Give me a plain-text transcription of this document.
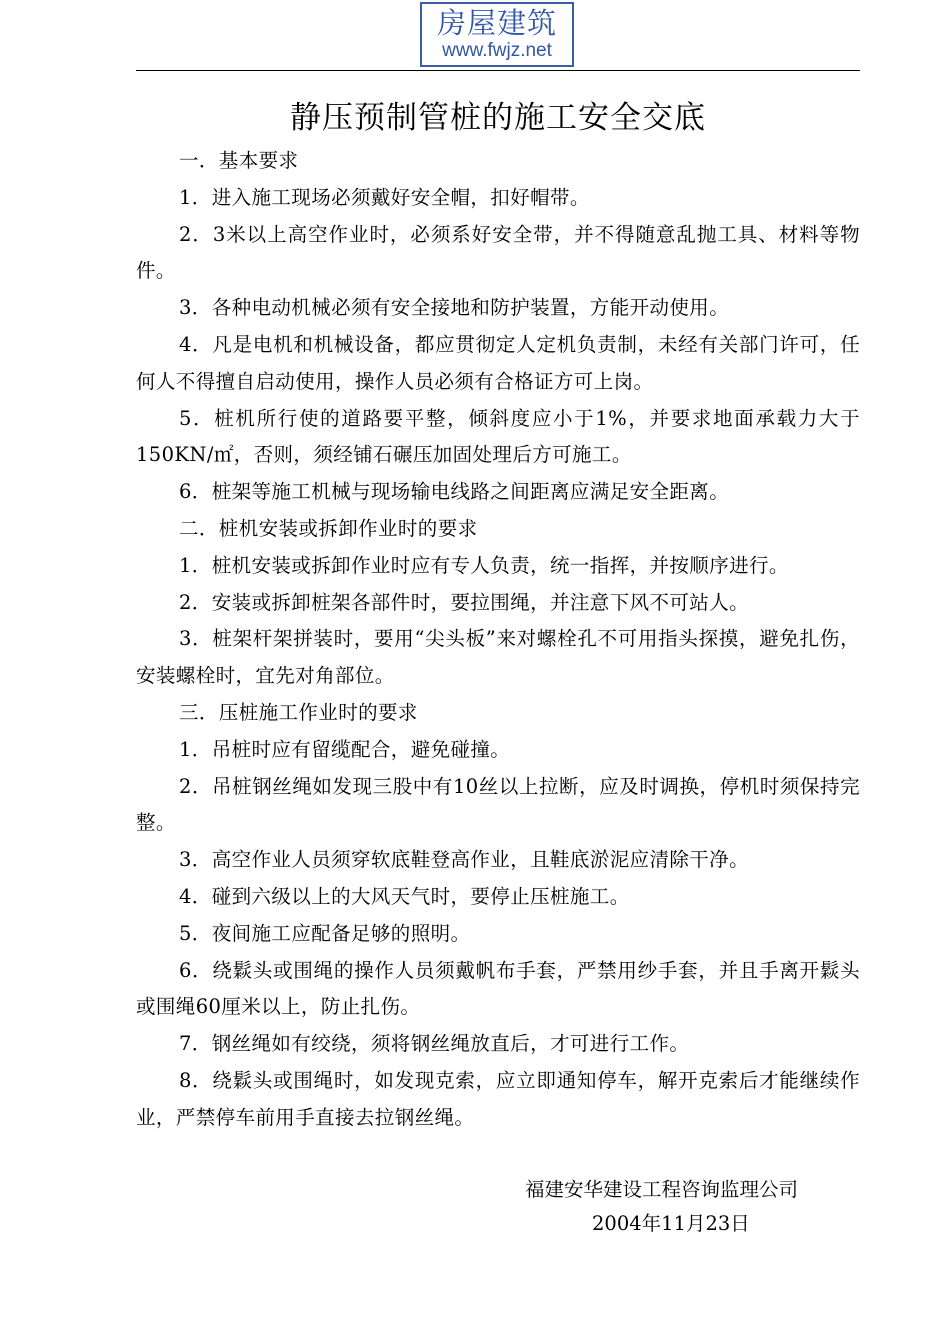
房屋建筑
www.fwjz.net
静压预制管桩的施工安全交底

一．基本要求

1．进入施工现场必须戴好安全帽，扣好帽带。

2．3米以上高空作业时，必须系好安全带，并不得随意乱抛工具、材料等物件。

3．各种电动机械必须有安全接地和防护装置，方能开动使用。

4．凡是电机和机械设备，都应贯彻定人定机负责制，未经有关部门许可，任何人不得擅自启动使用，操作人员必须有合格证方可上岗。

5．桩机所行使的道路要平整，倾斜度应小于1%，并要求地面承载力大于150KN/㎡，否则，须经铺石碾压加固处理后方可施工。

6．桩架等施工机械与现场输电线路之间距离应满足安全距离。

二．桩机安装或拆卸作业时的要求

1．桩机安装或拆卸作业时应有专人负责，统一指挥，并按顺序进行。

2．安装或拆卸桩架各部件时，要拉围绳，并注意下风不可站人。

3．桩架杆架拼装时，要用“尖头板”来对螺栓孔不可用指头探摸，避免扎伤，安装螺栓时，宜先对角部位。

三．压桩施工作业时的要求

1．吊桩时应有留缆配合，避免碰撞。

2．吊桩钢丝绳如发现三股中有10丝以上拉断，应及时调换，停机时须保持完整。

3．高空作业人员须穿软底鞋登高作业，且鞋底淤泥应清除干净。

4．碰到六级以上的大风天气时，要停止压桩施工。

5．夜间施工应配备足够的照明。

6．绕鬏头或围绳的操作人员须戴帆布手套，严禁用纱手套，并且手离开鬏头或围绳60厘米以上，防止扎伤。

7．钢丝绳如有绞绕，须将钢丝绳放直后，才可进行工作。

8．绕鬏头或围绳时，如发现克索，应立即通知停车，解开克索后才能继续作业，严禁停车前用手直接去拉钢丝绳。

福建安华建设工程咨询监理公司
2004年11月23日
